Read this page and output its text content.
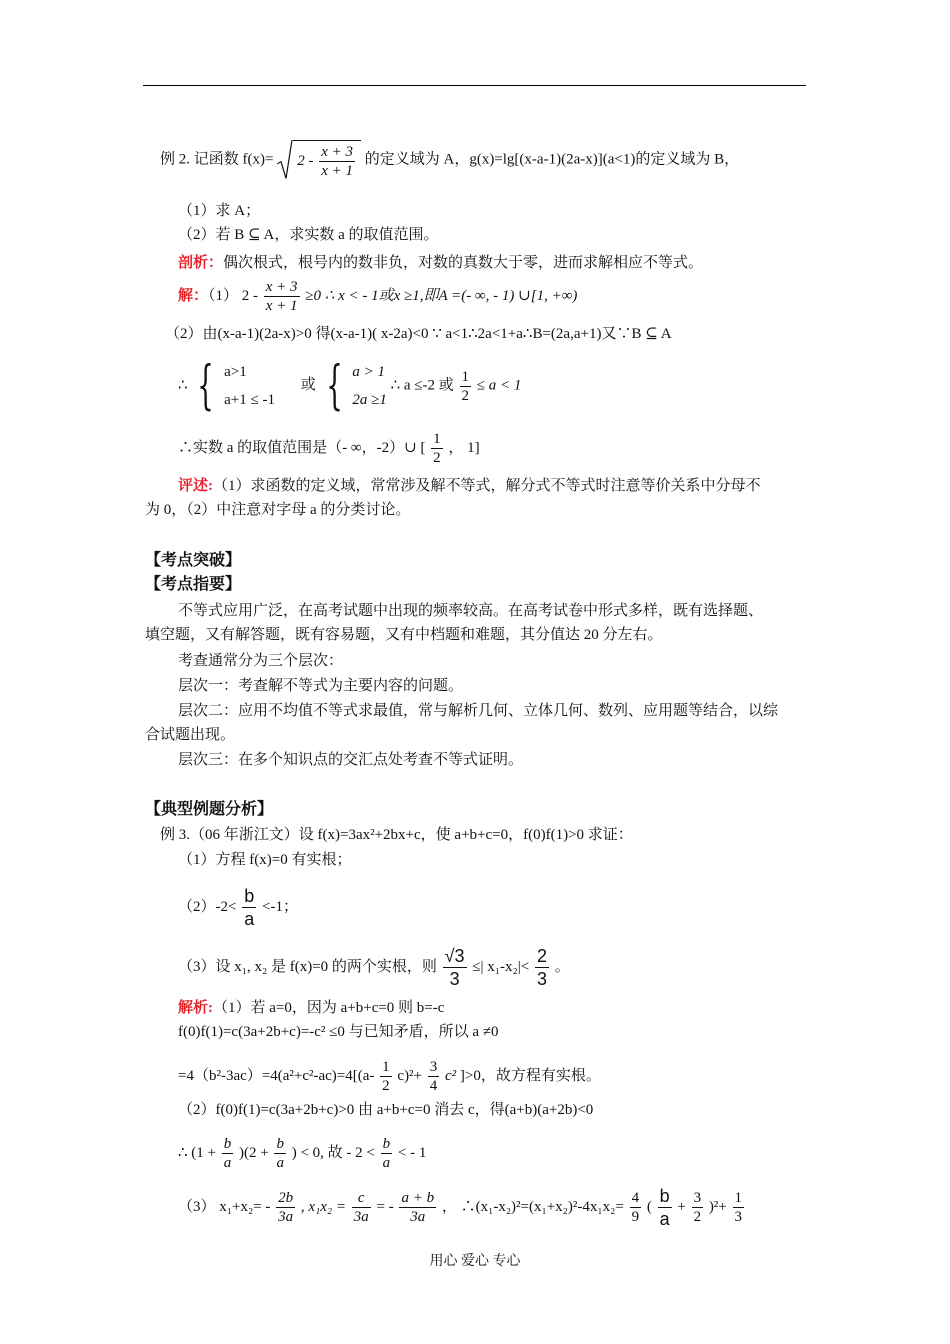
例 2. 记函数 $f(x)= 2 - \frac{x + 3}{x + 1}$ 的定义域为 A，g(x)=lg[(x-a-1)(2a-x)](a<1)的定义域为 B，
（1）求 A；
（2）若 B ⊆ A，求实数 a 的取值范围。
剖析：偶次根式，根号内的数非负，对数的真数大于零，进而求解相应不等式。
解：（1） $2 - \frac{x + 3}{x + 1} \ge 0$ ∴ x < - 1或x ≥1,即A =(- ∞, - 1) ∪[1, +∞)
（2）由(x-a-1)(2a-x)>0 得(x-a-1)( x-2a)<0 ∵ a<1∴2a<1+a∴B=(2a,a+1)又∵B ⊆ A
∴ { a>1
a+1 ≤ -1
或 { a > 1
2a ≥1
∴ a ≤-2 或 $\frac{1}{2} \le a < 1$
∴实数 a 的取值范围是（- ∞，-2）∪ [ $\frac{1}{2}$ ， 1]
评述:（1）求函数的定义域，常常涉及解不等式，解分式不等式时注意等价关系中分母不
为 0，（2）中注意对字母 a 的分类讨论。
【考点突破】
【考点指要】
不等式应用广泛，在高考试题中出现的频率较高。在高考试卷中形式多样，既有选择题、
填空题，又有解答题，既有容易题，又有中档题和难题，其分值达 20 分左右。
考查通常分为三个层次：
层次一：考查解不等式为主要内容的问题。
层次二：应用不均值不等式求最值，常与解析几何、立体几何、数列、应用题等结合，以综
合试题出现。
层次三：在多个知识点的交汇点处考查不等式证明。
【典型例题分析】
例 3.（06 年浙江文）设 f(x)=3ax²+2bx+c，使 a+b+c=0，f(0)f(1)>0 求证：
（1）方程 f(x)=0 有实根；
$(2)-2< \frac{b}{a} <-1$；
（3）设 x₁, x₂ 是 f(x)=0 的两个实根，则 $\frac{√3}{3}$ ≤| $x_1-x_2|< \frac{2}{3}$ 。
解析:（1）若 a=0，因为 a+b+c=0 则 b=-c
f(0)f(1)=c(3a+2b+c)=-c² ≤0 与已知矛盾，所以 a ≠0
$=4(b^2-3ac)=4(a^2+c^2-ac)=4[(a- \frac{1}{2} c)^2+ \frac{3}{4} c^2$ ]>0，故方程有实根。
（2）f(0)f(1)=c(3a+2b+c)>0 由 a+b+c=0 消去 c，得(a+b)(a+2b)<0
∴ $(1 + \frac{b}{a} )(2 + \frac{b}{a}$ ) < 0, 故 - $2 < \frac{b}{a}$ < - 1
（3） $x_1+x_2= - \frac{2b}{3a}$ , $x_1x_2 = \frac{c}{3a}$ = - $\frac{a + b}{3a}$ ， ∴(x₁-x₂)²=(x₁+x₂)²-4x₁x₂= $\frac{4}{9}$ ( $\frac{b}{a} + \frac{3}{2} )^2+ \frac{1}{3}$
用心 爱心 专心
